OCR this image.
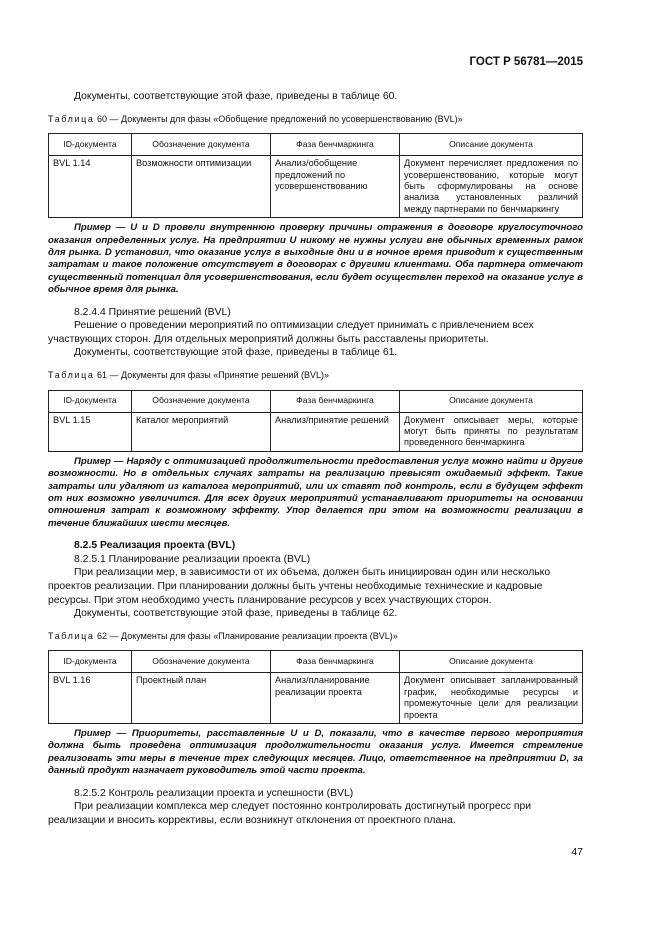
ГОСТ Р 56781—2015

Документы, соответствующие этой фазе, приведены в таблице 60.

Таблица 60 — Документы для фазы «Обобщение предложений по усовершенствованию (BVL)»

ID-документа	Обозначение документа	Фаза бенчмаркинга	Описание документа
BVL 1.14	Возможности оптимизации	Анализ/обобщение предложений по усовершенствованию	Документ перечисляет предложения по усовершенствованию, которые могут быть сформулированы на основе анализа установленных различий между партнерами по бенчмаркингу

Пример — U и D провели внутреннюю проверку причины отражения в договоре круглосуточного оказания определенных услуг. На предприятии U никому не нужны услуги вне обычных временных рамок для рынка. D установил, что оказание услуг в выходные дни и в ночное время приводит к существенным затратам и такое положение отсутствует в договорах с другими клиентами. Оба партнера отмечают существенный потенциал для усовершенствования, если будет осуществлен переход на оказание услуг в обычное время для рынка.

8.2.4.4 Принятие решений (BVL)

Решение о проведении мероприятий по оптимизации следует принимать с привлечением всех участвующих сторон. Для отдельных мероприятий должны быть расставлены приоритеты.

Документы, соответствующие этой фазе, приведены в таблице 61.

Таблица 61 — Документы для фазы «Принятие решений (BVL)»

ID-документа	Обозначение документа	Фаза бенчмаркинга	Описание документа
BVL 1.15	Каталог мероприятий	Анализ/принятие решений	Документ описывает меры, которые могут быть приняты по результатам проведенного бенчмаркинга

Пример — Наряду с оптимизацией продолжительности предоставления услуг можно найти и другие возможности. Но в отдельных случаях затраты на реализацию превысят ожидаемый эффект. Такие затраты или удаляют из каталога мероприятий, или их ставят под контроль, если в будущем эффект от них возможно увеличится. Для всех других мероприятий устанавливают приоритеты на основании отношения затрат к возможному эффекту. Упор делается при этом на возможности реализации в течение ближайших шести месяцев.

8.2.5 Реализация проекта (BVL)

8.2.5.1 Планирование реализации проекта (BVL)

При реализации мер, в зависимости от их объема, должен быть инициирован один или несколько проектов реализации. При планировании должны быть учтены необходимые технические и кадровые ресурсы. При этом необходимо учесть планирование ресурсов у всех участвующих сторон.

Документы, соответствующие этой фазе, приведены в таблице 62.

Таблица 62 — Документы для фазы «Планирование реализации проекта (BVL)»

ID-документа	Обозначение документа	Фаза бенчмаркинга	Описание документа
BVL 1.16	Проектный план	Анализ/планирование реализации проекта	Документ описывает запланированный график, необходимые ресурсы и промежуточные цели для реализации проекта

Пример — Приоритеты, расставленные U и D, показали, что в качестве первого мероприятия должна быть проведена оптимизация продолжительности оказания услуг. Имеется стремление реализовать эти меры в течение трех следующих месяцев. Лицо, ответственное на предприятии D, за данный продукт назначает руководитель этой части проекта.

8.2.5.2 Контроль реализации проекта и успешности (BVL)

При реализации комплекса мер следует постоянно контролировать достигнутый прогресс при реализации и вносить коррективы, если возникнут отклонения от проектного плана.

47
